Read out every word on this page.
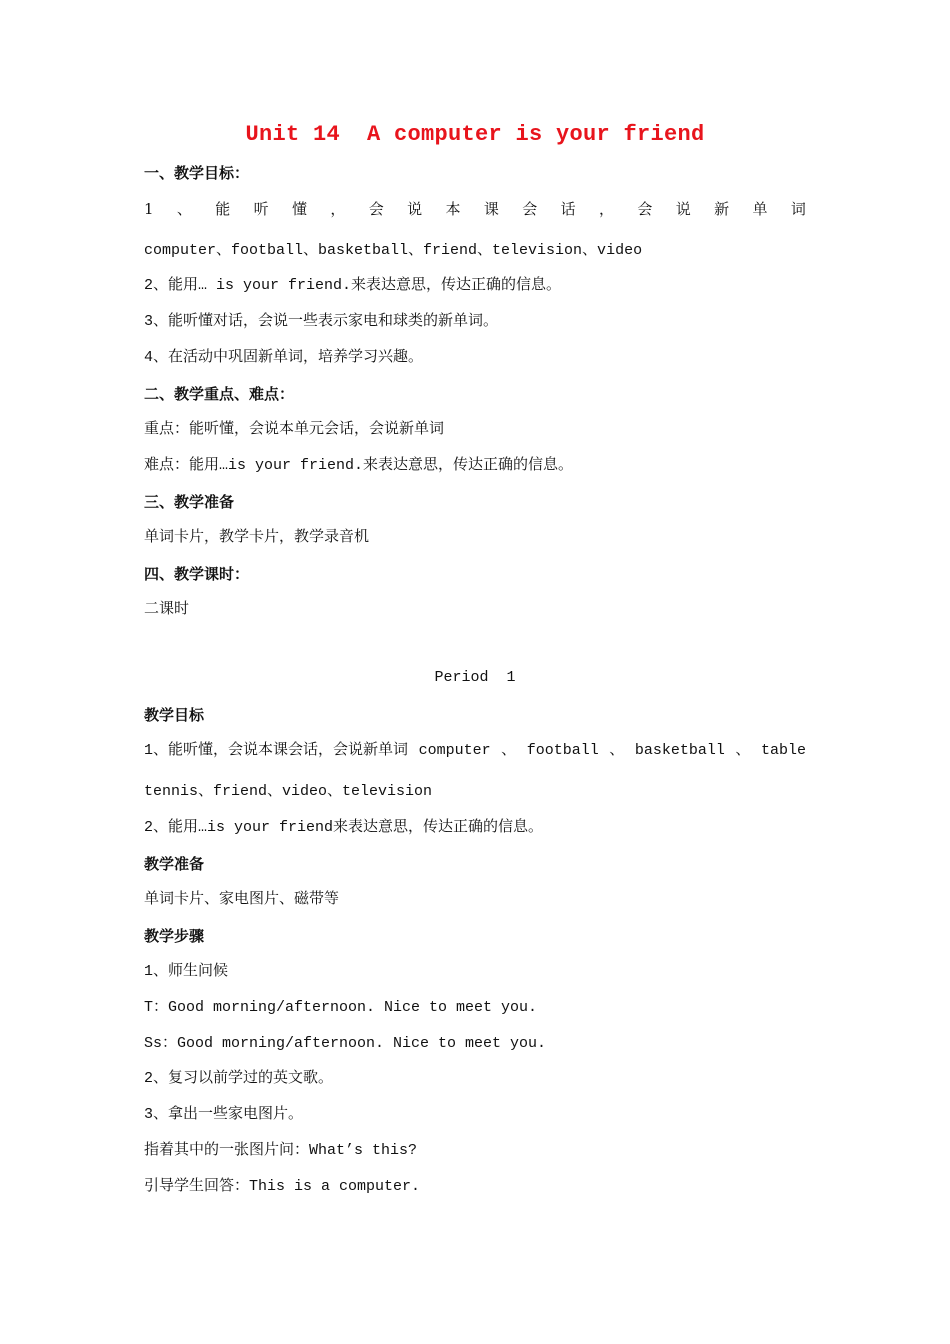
Unit 14  A computer is your friend
一、教学目标：
1 、 能 听 懂 ， 会 说 本 课 会 话 ， 会 说 新 单 词
computer、football、basketball、friend、television、video
2、能用… is your friend.来表达意思，传达正确的信息。
3、能听懂对话，会说一些表示家电和球类的新单词。
4、在活动中巩固新单词，培养学习兴趣。
二、教学重点、难点：
重点：能听懂，会说本单元会话，会说新单词
难点：能用…is your friend.来表达意思，传达正确的信息。
三、教学准备
单词卡片，教学卡片，教学录音机
四、教学课时：
二课时
Period  1
教学目标
1、能听懂，会说本课会话，会说新单词 computer 、 football 、 basketball 、 table
tennis、friend、video、television
2、能用…is your friend来表达意思，传达正确的信息。
教学准备
单词卡片、家电图片、磁带等
教学步骤
1、师生问候
T：Good morning/afternoon. Nice to meet you.
Ss：Good morning/afternoon. Nice to meet you.
2、复习以前学过的英文歌。
3、拿出一些家电图片。
指着其中的一张图片问：What’s this?
引导学生回答：This is a computer.
